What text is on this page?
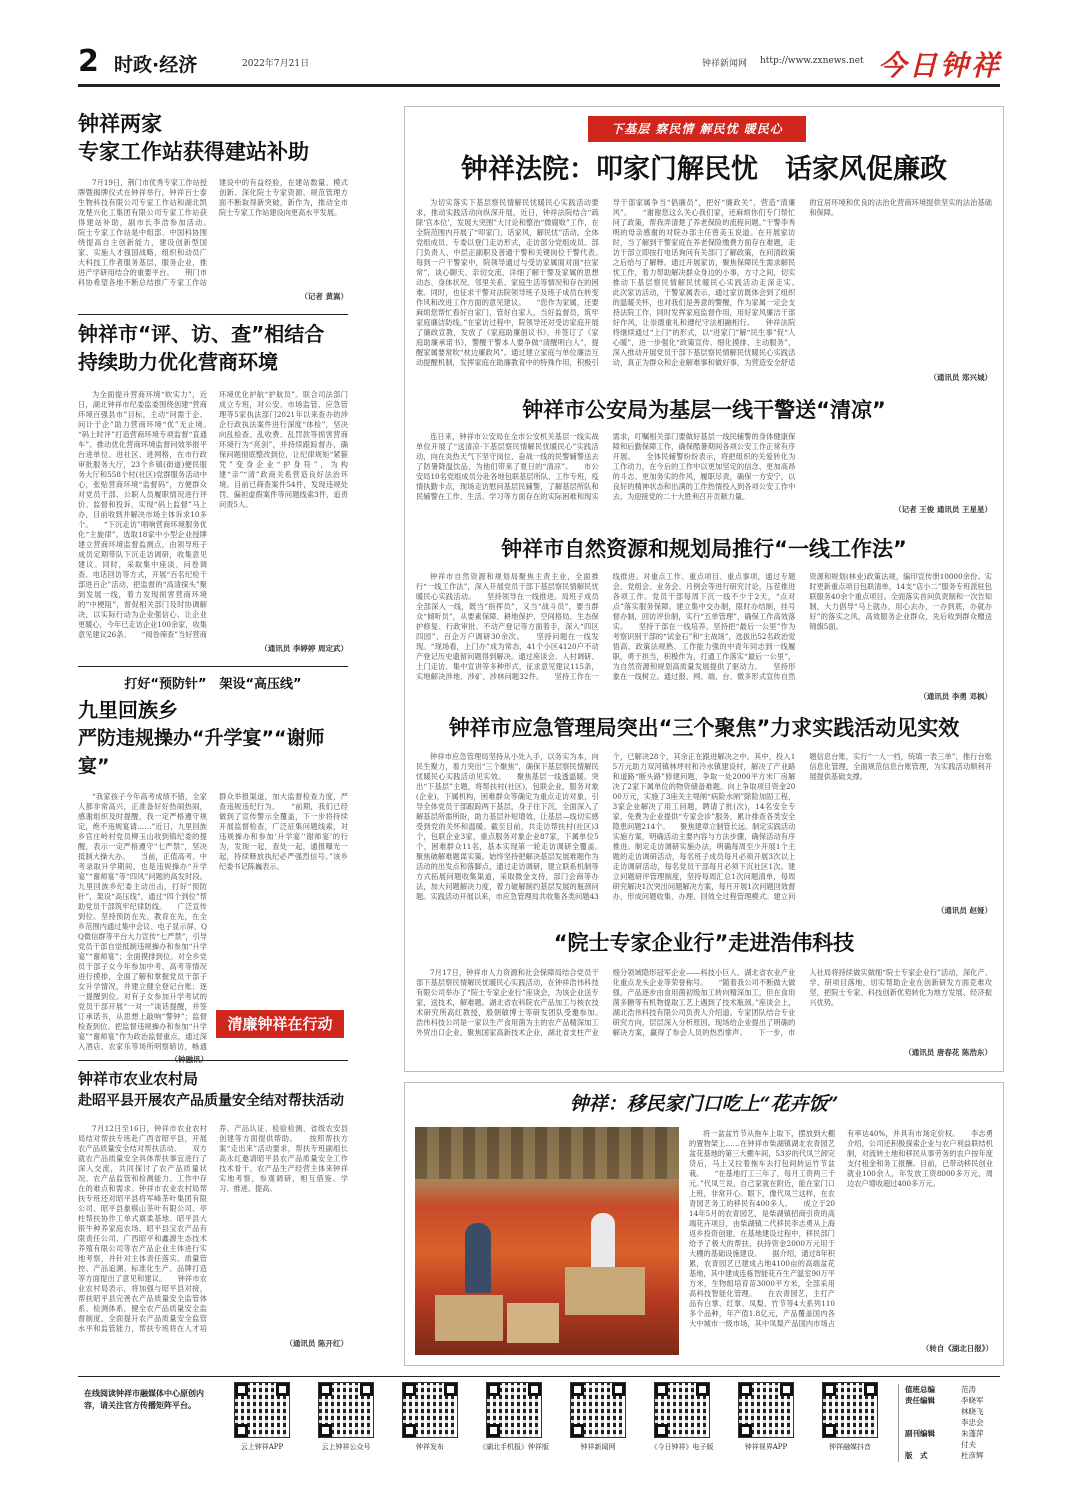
2 时政·经济	2022年7月21日	钟祥新闻网 http://www.zxnews.net 今日钟祥
钟祥两家
专家工作站获得建站补助
7月19日，荆门市优秀专家工作站授牌暨揭牌仪式在钟祥举行，钟祥百士泰生物科技有限公司专家工作站和湖北凯龙楚兴化工集团有限公司专家工作站获得建站补助，副市长李浩参加活动。　　院士专家工作站是中组部、中国科协围绕提高自主创新能力，建设创新型国家、实施人才强国战略，组织和动员广大科技工作者服务基层，服务企业，推进产学研用结合的重要平台。　　荆门市科协希望各地不断总结推广专家工作站建设中的有益经验，在建站数量、模式创新、深化院士专家资源、规范管理方面不断取得新突破，新作为，推动全市院士专家工作站建设向更高水平发展。
（记者 黄嵩）
钟祥市“评、访、查”相结合
持续助力优化营商环境
为全面提升营商环境“软实力”，近日，湖北钟祥市纪委监委围绕创建“营商环境百强县市”目标，主动“问需于企、问计于企”助力营商环境“优”无止境。　　“码上时评”打造营商环境专项监督“直通车”。推动优化营商环境监督问效举报平台进单位、进社区、进网格，在市行政审批服务大厅，23个乡镇(街道)便民服务大厅和558个村(社区)党群服务活动中心，张贴营商环境“监督码”，方便群众对党员干部、公职人员履职情况进行评价、监督和投诉，实现“码上监督”马上办，目前收到并解决市场主体诉求10多个。　　“下沉走访”唱响营商环境服务优化“主旋律”。选取18家中小型企业授牌建立营商环境监督监测点，由领导班子成员定期带队下沉走访调研，收集意见建议。同时，采取集中座谈、问卷调查、电话回访等方式，开展“百名纪检干部进百企”活动，把监督的“高清探头”聚到发展一线，着力发现损害营商环境的“中梗阻”，督促相关部门及时协调解决，以实际行动为企业强信心、让企业更暖心，今年已走访企业100余家，收集意见建议26条。　　“阅卷筛查”当好营商环境优化护航“护航员”。联合司法部门成立专班，对公安、市场监管、应急管理等5家执法部门2021年以来查办的涉企行政执法案件进行深度“体检”，坚决向乱检查、乱收费、乱罚款等损害营商环境行为“亮剑”，并持续跟踪督办，确保问题彻底整改到位，让纪律规矩“紧箍咒”变身企业“护身符”，为构建“亲”“清”政商关系营造良好法治环境。目前已筛查案件54件，发现违规处罚、偏袒虚假案件等问题线索3件，追责问责5人。
（通讯员 李婷婷 周定武）
打好“预防针”　架设“高压线”
九里回族乡
严防违规操办“升学宴”“谢师宴”
“我家孩子今年高考成绩不错，全家人都非常高兴，正准备好好热闹热闹，感谢组织及时提醒，我一定严格遵守规定，绝不违规宴请……”近日，九里回族乡官庄岭村党员柳玉山收到镇纪委的提醒，表示一定严格遵守“七严禁”，坚决抵制大操大办。　　当前，正值高考、中考录取升学期间，也是违规操办“升学宴”“谢师宴”等“四风”问题的高发时段。九里回族乡纪委主动出击，打好“预防针”，架设“高压线”，通过“四个到位”帮助党员干部筑牢纪律防线。　　广泛宣传到位。坚持预防在先、教育在先，在全乡范围内通过集中会议、电子显示屏、QQ微信群等平台大力宣传“七严禁”，引导党员干部自觉抵制违规操办和参加“升学宴”“谢师宴”；全面摸排到位。对全乡党员干部子女今年参加中考、高考等情况进行摸排，全面了解和掌握党员干部子女升学情况，并建立健全登记台账；逐一提醒到位。对有子女参加升学考试的党员干部开展“一对一”谈话提醒，并签订承诺书，从思想上敲响“警钟”；监督检查到位。把监督违规操办和参加“升学宴”“谢师宴”作为政治监督重点，通过深入酒店、农家乐等场所明察暗访，畅通群众举报渠道，加大监督检查力度，严查违规违纪行为。　　“前期，我们已经做到了宣传警示全覆盖，下一步将持续开展监督检查，广泛征集问题线索，对违规操办和参加‘升学宴’‘谢师宴’的行为，发现一起，查处一起，通报曝光一起，持续释放执纪必严强烈信号。”该乡纪委书记陈巍表示。
清廉钟祥在行动
钟祥市农业农村局
赴昭平县开展农产品质量安全结对帮扶活动
7月12日至16日，钟祥市农业农村局结对帮扶专班赴广西省昭平县，开展农产品质量安全结对帮扶活动。　　双方就农产品质量安全具体帮扶事宜进行了深入交流，共同探讨了农产品质量状况、农产品监管和检测能力、工作中存在的难点和需求。钟祥市农业农村局帮扶专班还对昭平县将军峰茶叶集团有限公司、昭平县象棋山茶叶有限公司、亭柱帮扶协作工单式禀柔基地、昭平县大银牛种养家庭农场、昭平县宝农产品有限责任公司、广西昭平和鑫源生态技术养殖有限公司等农产品企业主体进行实地考察，并针对主体责任落实、质量管控、产品追溯、标准化生产、品牌打造等方面提出了意见和建议。　　钟祥市农业农村局表示，将加强与昭平县对接，帮扶昭平县完善农产品质量安全监管体系、检测体系，健全农产品质量安全监督制度，全面提升农产品质量安全监管水平和监管能力，帮扶专班将在人才培养、产品认证、检验检测、省级农安县创建等方面提供帮助。　　按照帮扶方案“走出来”活动要求，帮扶专班副组长高永红邀请昭平县农产品质量安全工作技术骨干、农产品生产经营主体来钟祥实地考察，参观调研，相互借鉴、学习、推进、提高。
（通讯员 陈开红）
下基层 察民情 解民忧 暖民心
钟祥法院：叩家门解民忧　话家风促廉政
为切实落实下基层察民情解民忧暖民心实践活动要求，推动实践活动向纵深开展，近日，钟祥法院结合“疏除‘官本位’，发展大突围”大讨论和整治“微腐败”工作，在全院范围内开展了“叩家门，话家风，解民忧”活动。全体党组成员、专委以登门走访形式，走访部分党组成员、部门负责人、中层正副职及普通干警和关键岗位干警代表。　　每到一户干警家中，院领导通过与受访家属面对面“拉家常”，谈心聊天、亲切交流，详细了解干警及家属的思想动态、身体状况、邻里关系、家庭生活等情况和存在的困难。同时，也征求干警对法院领导班子及班子成员在转变作风和改进工作方面的意见建议。　　“您作为家属，还要麻烦您帮忙看好自家门，管好自家人，当好监督员，筑牢家庭廉洁防线。”在家访过程中，院领导还对受访家庭开展了廉政宣教，发放了《家庭助廉倡议书》，并签订了《家庭助廉承诺书》，警醒干警本人要争做“清醒明白人”，提醒家属要常吹“枕边廉政风”。通过建立家庭与单位廉洁互动提醒机制，发挥家庭在助廉教育中的特殊作用，积极引导干部家属争当“倡廉员”，把好“廉政关”，营造“清廉风”。　　“谢谢您这么关心我们家，还麻烦你们专门帮忙问了政策，帮我弄清楚了养老保险的流程问题。”干警李秀明的母亲感谢的对院办部主任曾美玉说道。在开展家访时，当了解到干警家庭在养老保险缴费方面存在难题，走访干部立即按打电话询问有关部门了解政策，在问清政策之后给与了解释。通过开展家访，聚焦保障民生需求解民忧工作，着力帮助解决群众身边的小事，方寸之间，切实推动下基层察民情解民忧暖民心实践活动走深走实。　　此次家访活动，干警家属表示，通过家访既体会到了组织的温暖关怀，也对我们是善意的警醒，作为家属一定会支持法院工作，同时发挥家庭监督作用，用好家风廉洁干部好作风，让崇德重礼和遵纪守法相融相行。　　钟祥法院将继续通过“上门”的形式，以“进家门”解“民生事”促“人心暖”，进一步强化“政策宣传、细化摸排、主动服务”，深入推动开展党员干部下基层察民情解民忧暖民心实践活动，真正为群众和企业解难事和做好事，为营造安全舒适的宜居环境和优良的法治化营商环境提供坚实的法治基础和保障。
（通讯员 郑兴城）
钟祥市公安局为基层一线干警送“清凉”
连日来，钟祥市公安局在全市公安机关基层一线实战单位开展了“送清凉·下基层察民情解民忧暖民心”实践活动，向在炎热天气下坚守岗位、奋战一线的民警辅警送去了防暑降温饮品，为他们带来了夏日的“清凉”。　　市公安局10名党组成员分赴各地包联基层所队、工作专班，疫情执勤卡点，现场走访慰问基层民辅警，了解基层所队和民辅警在工作、生活、学习等方面存在的实际困难和现实需求，叮嘱相关部门要做好基层一线民辅警的身体健康保障和后勤保障工作，确保酷暑期间各项公安工作正常有序开展。　　全体民辅警纷纷表示，将把组织的关爱转化为工作动力，在今后的工作中以更加坚定的信念、更加高昂的斗志、更加务实的作风，履职尽责，确保一方安宁，以良好的精神状态和出满的工作热情投入到各项公安工作中去，为迎接党的二十大胜利召开贡献力量。
（记者 王俊 通讯员 王星星）
钟祥市自然资源和规划局推行“一线工作法”
钟祥市自然资源和规划局聚焦主责主业，全面推行“一线工作法”，深入开展党员干部下基层察民情解民忧暖民心实践活动。　　坚持领导在一线推进。局班子成员全部深入一线，既当“指挥员”，又当“战斗员”，要当群众“倾听员”，从要素保障、耕地保护、空间格局、生态保护修复、行政审批、不动产登记等方面着手，深入“四区四园”、百企万户调研30余次。　　坚持问题在一线发现。“现场看，上门办”成为常态，41个小区4120户不动产登记历史遗留问题得到解决。通过座谈会、入村调研、上门走访、集中宣讲等多种形式，征求意见建议115条，实地解决涉地、涉矿、涉林问题32件。　　坚持工作在一线推进。对重点工作、重点项目、重点事项，通过专题会、党组会、业务会、月例会等进行研究讨论，压茬推进各项工作。党员干部每周下沉一线不少于2天，“点对点”落实服务保障。建立集中交办制，限时办结制，挂号督办制，回访评价制，实行“五单管理”，确保工作高效落实。　　坚持干部在一线培养。坚持把“最后一公里”作为考察识别干部的“试金石”和“主战场”，选拔出52名政治觉悟高、政策法规熟、工作能力强的中青年同志到一线履职，勇于担当，积极作为，打通工作落实“最后一公里”，为自然资源和规划高质量发展提供了驱动力。　　坚持形象在一线树立。通过报、网、端、台、微多形式宣传自然资源和规划(林业)政策法规，编印宣传册10000余份。实时更新重点项目包联清单，14支“店小二”服务专班派驻包联服务40余个重点项目。全面落实首问负责制和一次告知制，大力倡导“马上就办，用心去办，一办到底，办就办好”的落实之风，高效服务企业群众，先后收到群众赠送锦旗5面。
（通讯员 李勇 邓枫）
钟祥市应急管理局突出“三个聚焦”力求实践活动见实效
钟祥市应急管理局坚持从小处入手，以务实为本，向民生聚力，着力突出“三个聚焦”，确保下基层察民情解民忧暖民心实践活动见实效。　　聚焦基层一线透温暖。突出“下基层”主题，将帮扶村(社区)，包联企业，服务对象(企业)，下属机构，困难群众等确定为重点走访对象，引导全体党员干部跟踪两下基层，身子往下沉，全面深入了解基层所需所盼，助力基层补短增效，让基层—线切实感受到党的关怀和温暖。截至目前，共走访帮扶村(社区)3个，包联企业3家，重点服务对象企业87家，下属单位5个，困难群众11名，基本实现第一轮走访调研全覆盖。　　聚焦破解难题谋实策。始终坚持把解决基层发展难题作为活动的出发点和落脚点，通过走访调研，建立联系机制等方式拓展问题收集渠道，采取微金支持，部门会商等办法，加大问题解决力度，着力破解制约基层发展的瓶颈问题。实践活动开展以来，市应急管理局共收集各类问题43个，已解决28个，其余正在跟进解决之中。其中，投入15万元助力双河镇林坪村和冷水镇建设村，解决了产业路和道路“断头路”修建问题，争取一处2000平方米厂房解决了2家下属单位的物资储备难题。向上争取项目资金2000万元，实施了3座关主堤闸“病险水闸”除险加固工程，3家企业解决了用工问题，聘请了批(次)，14名安全专家，免费为企业提供“专家会诊”服务，累计排查各类安全隐患问题214个。　　聚焦建章立制管长远。制定实践活动实施方案，明确活动主要内容与方法步骤，确保活动有序推进。制定走访调研实施办法，明确每周至少开展1个主题的走访调研活动，每名班子成员每月必须开展3次以上走访调研活动，每名党员干部每月必须下沉社区1次。建立问题研评管理制度，坚持每周汇总1次问题清单，每周研究解决1次突出问题解决方案，每月开展1次问题回效督办，形成问题收集、办理、回效全过程管理模式。建立问题信息台账，实行“一人一档，统填一表三单”，推行台账信息化管理，全面规范信息台账管理，为实践活动顺利开展提供基础支撑。
（通讯员 赵娅）
“院士专家企业行”走进浩伟科技
7月17日，钟祥市人力资源和社会保障局结合党员干部下基层察民情解民忧暖民心实践活动，在钟祥浩伟科技有限公司举办了“院士专家企业行”座谈会，为该企业送专家，送技术，解难题。湖北省农科院农产品加工与核农技术研究所高红教授，殷朝敏博士等研发团队受邀参加。　　浩伟科技公司是一家以生产食用菌为主的农产品精深加工外贸出口企业，聚焦国家高新技术企业，湖北省支柱产业细分领域隐形冠军企业——科技小巨人、湖北省农业产业化重点龙头企业等荣誉称号。　　“随着我公司不断做大做强，产品逐步由食用菌初级加工转向精深加工，但在食用菌多糖等有机物提取工艺上遇到了技术瓶颈。”座谈会上，湖北浩伟科技有限公司负责人介绍道。专家团队结合专业研究方向，层层深入分析原因，现场给企业提出了明确的解决方案，赢得了参会人员的热烈掌声。　　下一步，市人社局将持续做实做细“院士专家企业行”活动，深化产、学、研项目落地，切实帮助企业在创新研发方面克难攻坚，把院士专家、科技创新优势转化为地方发展、经济振兴优势。
（通讯员 唐春花 陈浩东）
钟祥：移民家门口吃上“花卉饭”
将一盆盆竹节从拖车上取下，摆放到大棚的置物架上……在钟祥市柴湖镇湖北农青园艺盆花基地的第三大棚车间，53岁的代凤兰卸完货后，马上又拉着拖车去打包间转运竹节盆栽。　　“在基地打工三年了，每月工资两三千元。”代凤兰说，自己家就在附近，能在家门口上班，非常开心。眼下，像代凤兰这样，在农青园艺务工的移民有400多人。　　成立于2014年5月的农青园艺，是柴湖镇招商引资的高端花卉项目，由柴湖镇二代移民李志勇从上海返乡投资创建，在基地建设过程中，移民部门给予了极大的帮扶，扶持资金2000万元用于大棚的基础设施建设。　　据介绍，通过8年积累，农青园艺已建成占地4100亩的高端盆花基地，其中建成连栋智能花卉生产温室90万平方米，生物组培育苗3000平方米，全部采用高科技智能化管理。　　在农青园艺，主打产品有白掌、红掌、凤梨、竹节等4大系列110多个品种，年产值1.8亿元，产品覆盖国内各大中城市一级市场，其中凤梨产品国内市场占有率达40%，并具有市场定价权。　　李志勇介绍，公司还积极探索企业与农户利益联结机制，对流转土地和移民从事劳务的农户按年度支付租金和务工报酬。目前，已带动移民创业就业100余人，年发放工资8000多万元，周边农户增收超过400多万元。
（转自《湖北日报》）
在线阅读钟祥市融媒体中心原创内容，请关注官方传播矩阵平台。
云上钟祥APP	云上钟祥公众号	钟祥发布	《湖北手机报》钟祥版	钟祥新闻网	《今日钟祥》电子版	钟祥视界APP	钟祥融媒抖音
值班总编	范涛
责任编辑	李晓军
林晓飞
李忠会
副刊编辑	朱蓬萍
付夫
版　式	杜彦辉
